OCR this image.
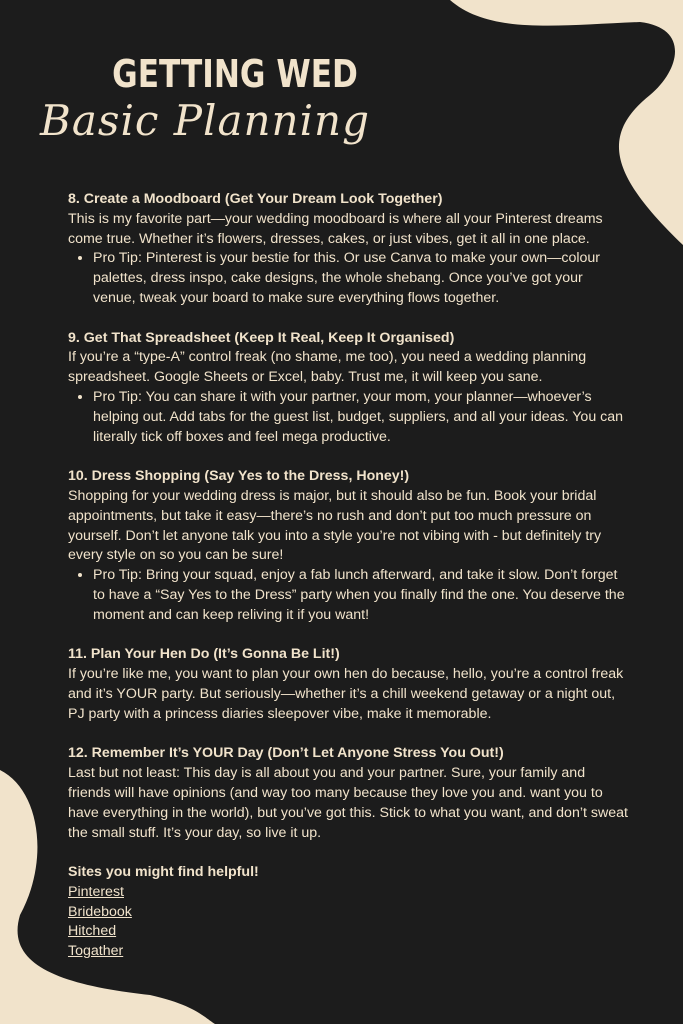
GETTING WED
Basic Planning
8. Create a Moodboard (Get Your Dream Look Together)
This is my favorite part—your wedding moodboard is where all your Pinterest dreams come true. Whether it’s flowers, dresses, cakes, or just vibes, get it all in one place.
• Pro Tip: Pinterest is your bestie for this. Or use Canva to make your own—colour palettes, dress inspo, cake designs, the whole shebang. Once you’ve got your venue, tweak your board to make sure everything flows together.
9. Get That Spreadsheet (Keep It Real, Keep It Organised)
If you’re a “type-A” control freak (no shame, me too), you need a wedding planning spreadsheet. Google Sheets or Excel, baby. Trust me, it will keep you sane.
• Pro Tip: You can share it with your partner, your mom, your planner—whoever’s helping out. Add tabs for the guest list, budget, suppliers, and all your ideas. You can literally tick off boxes and feel mega productive.
10. Dress Shopping (Say Yes to the Dress, Honey!)
Shopping for your wedding dress is major, but it should also be fun. Book your bridal appointments, but take it easy—there’s no rush and don’t put too much pressure on yourself. Don’t let anyone talk you into a style you’re not vibing with - but definitely try every style on so you can be sure!
• Pro Tip: Bring your squad, enjoy a fab lunch afterward, and take it slow. Don’t forget to have a “Say Yes to the Dress” party when you finally find the one. You deserve the moment and can keep reliving it if you want!
11. Plan Your Hen Do (It’s Gonna Be Lit!)
If you’re like me, you want to plan your own hen do because, hello, you’re a control freak and it’s YOUR party. But seriously—whether it’s a chill weekend getaway or a night out, PJ party with a princess diaries sleepover vibe, make it memorable.
12. Remember It’s YOUR Day (Don’t Let Anyone Stress You Out!)
Last but not least: This day is all about you and your partner. Sure, your family and friends will have opinions (and way too many because they love you and. want you to have everything in the world), but you’ve got this. Stick to what you want, and don’t sweat the small stuff. It’s your day, so live it up.
Sites you might find helpful!
Pinterest
Bridebook
Hitched
Togather
